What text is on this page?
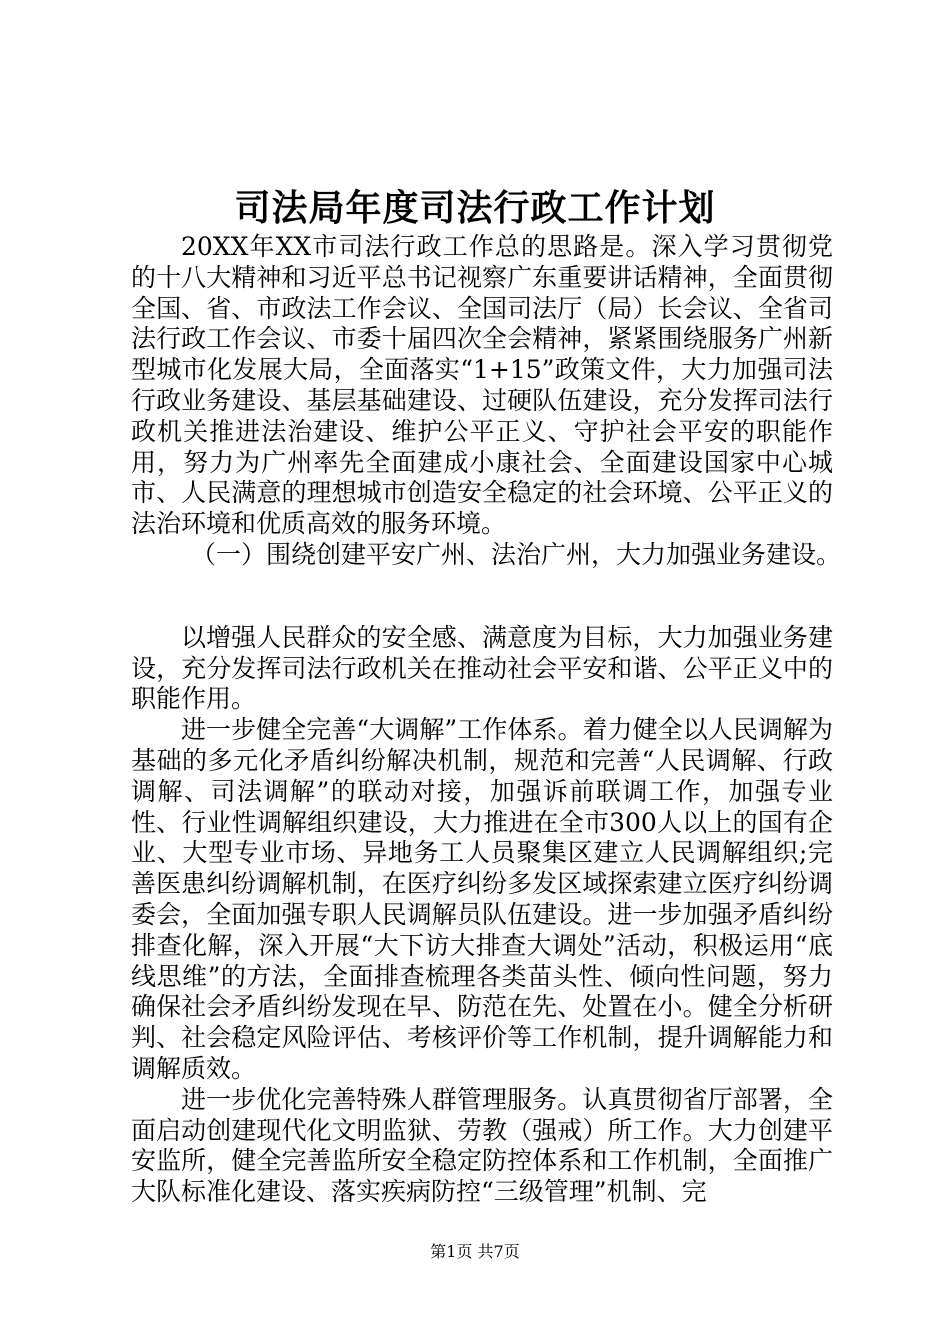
司法局年度司法行政工作计划

20XX年XX市司法行政工作总的思路是。深入学习贯彻党的十八大精神和习近平总书记视察广东重要讲话精神，全面贯彻全国、省、市政法工作会议、全国司法厅（局）长会议、全省司法行政工作会议、市委十届四次全会精神，紧紧围绕服务广州新型城市化发展大局，全面落实“1+15”政策文件，大力加强司法行政业务建设、基层基础建设、过硬队伍建设，充分发挥司法行政机关推进法治建设、维护公平正义、守护社会平安的职能作用，努力为广州率先全面建成小康社会、全面建设国家中心城市、人民满意的理想城市创造安全稳定的社会环境、公平正义的法治环境和优质高效的服务环境。

（一）围绕创建平安广州、法治广州，大力加强业务建设。

以增强人民群众的安全感、满意度为目标，大力加强业务建设，充分发挥司法行政机关在推动社会平安和谐、公平正义中的职能作用。

进一步健全完善“大调解”工作体系。着力健全以人民调解为基础的多元化矛盾纠纷解决机制，规范和完善“人民调解、行政调解、司法调解”的联动对接，加强诉前联调工作，加强专业性、行业性调解组织建设，大力推进在全市300人以上的国有企业、大型专业市场、异地务工人员聚集区建立人民调解组织;完善医患纠纷调解机制，在医疗纠纷多发区域探索建立医疗纠纷调委会，全面加强专职人民调解员队伍建设。进一步加强矛盾纠纷排查化解，深入开展“大下访大排查大调处”活动，积极运用“底线思维”的方法，全面排查梳理各类苗头性、倾向性问题，努力确保社会矛盾纠纷发现在早、防范在先、处置在小。健全分析研判、社会稳定风险评估、考核评价等工作机制，提升调解能力和调解质效。

进一步优化完善特殊人群管理服务。认真贯彻省厅部署，全面启动创建现代化文明监狱、劳教（强戒）所工作。大力创建平安监所，健全完善监所安全稳定防控体系和工作机制，全面推广大队标准化建设、落实疾病防控“三级管理”机制、完

第1页 共7页
